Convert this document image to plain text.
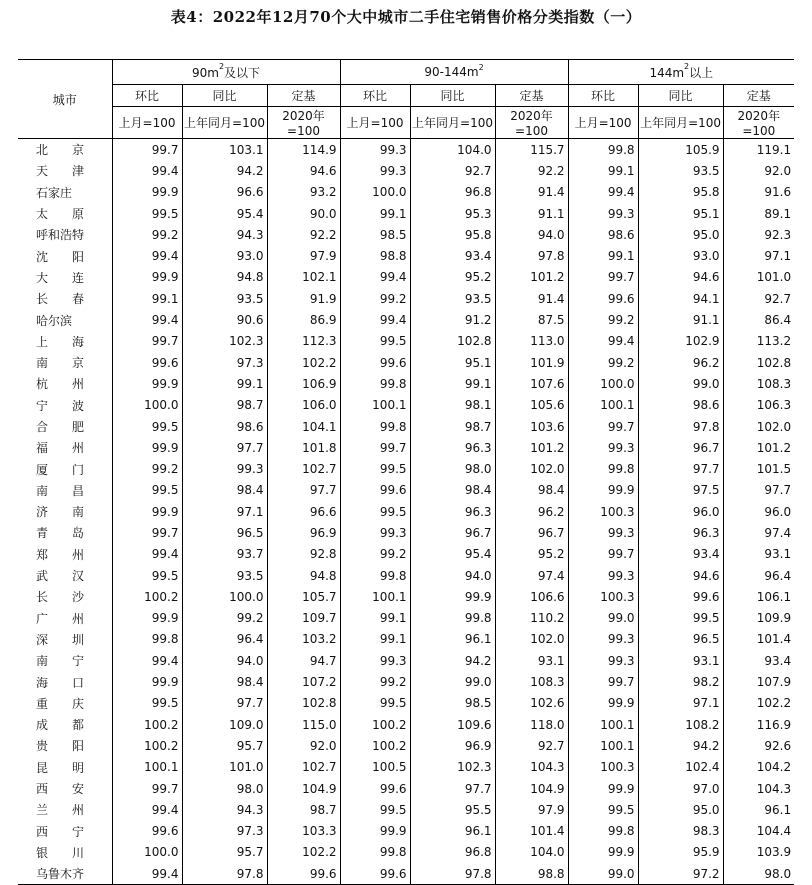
表4：2022年12月70个大中城市二手住宅销售价格分类指数（一）
城市	$90m^2$及以下			$90-144m^2$			$144m^2$以上		
	环比	同比	定基	环比	同比	定基	环比	同比	定基
	上月=100	上年同月=100	2020年=100	上月=100	上年同月=100	2020年=100	上月=100	上年同月=100	2020年=100
北　　京	99.7	103.1	114.9	99.3	104.0	115.7	99.8	105.9	119.1
天　　津	99.4	94.2	94.6	99.3	92.7	92.2	99.1	93.5	92.0
石家庄	99.9	96.6	93.2	100.0	96.8	91.4	99.4	95.8	91.6
太　　原	99.5	95.4	90.0	99.1	95.3	91.1	99.3	95.1	89.1
呼和浩特	99.2	94.3	92.2	98.5	95.8	94.0	98.6	95.0	92.3
沈　　阳	99.4	93.0	97.9	98.8	93.4	97.8	99.1	93.0	97.1
大　　连	99.9	94.8	102.1	99.4	95.2	101.2	99.7	94.6	101.0
长　　春	99.1	93.5	91.9	99.2	93.5	91.4	99.6	94.1	92.7
哈尔滨	99.4	90.6	86.9	99.4	91.2	87.5	99.2	91.1	86.4
上　　海	99.7	102.3	112.3	99.5	102.8	113.0	99.4	102.9	113.2
南　　京	99.6	97.3	102.2	99.6	95.1	101.9	99.2	96.2	102.8
杭　　州	99.9	99.1	106.9	99.8	99.1	107.6	100.0	99.0	108.3
宁　　波	100.0	98.7	106.0	100.1	98.1	105.6	100.1	98.6	106.3
合　　肥	99.5	98.6	104.1	99.8	98.7	103.6	99.7	97.8	102.0
福　　州	99.9	97.7	101.8	99.7	96.3	101.2	99.3	96.7	101.2
厦　　门	99.2	99.3	102.7	99.5	98.0	102.0	99.8	97.7	101.5
南　　昌	99.5	98.4	97.7	99.6	98.4	98.4	99.9	97.5	97.7
济　　南	99.9	97.1	96.6	99.5	96.3	96.2	100.3	96.0	96.0
青　　岛	99.7	96.5	96.9	99.3	96.7	96.7	99.3	96.3	97.4
郑　　州	99.4	93.7	92.8	99.2	95.4	95.2	99.7	93.4	93.1
武　　汉	99.5	93.5	94.8	99.8	94.0	97.4	99.3	94.6	96.4
长　　沙	100.2	100.0	105.7	100.1	99.9	106.6	100.3	99.6	106.1
广　　州	99.9	99.2	109.7	99.1	99.8	110.2	99.0	99.5	109.9
深　　圳	99.8	96.4	103.2	99.1	96.1	102.0	99.3	96.5	101.4
南　　宁	99.4	94.0	94.7	99.3	94.2	93.1	99.3	93.1	93.4
海　　口	99.9	98.4	107.2	99.2	99.0	108.3	99.7	98.2	107.9
重　　庆	99.5	97.7	102.8	99.5	98.5	102.6	99.9	97.1	102.2
成　　都	100.2	109.0	115.0	100.2	109.6	118.0	100.1	108.2	116.9
贵　　阳	100.2	95.7	92.0	100.2	96.9	92.7	100.1	94.2	92.6
昆　　明	100.1	101.0	102.7	100.5	102.3	104.3	100.3	102.4	104.2
西　　安	99.7	98.0	104.9	99.6	97.7	104.9	99.9	97.0	104.3
兰　　州	99.4	94.3	98.7	99.5	95.5	97.9	99.5	95.0	96.1
西　　宁	99.6	97.3	103.3	99.9	96.1	101.4	99.8	98.3	104.4
银　　川	100.0	95.7	102.2	99.8	96.8	104.0	99.9	95.9	103.9
乌鲁木齐	99.4	97.8	99.6	99.6	97.8	98.8	99.0	97.2	98.0
